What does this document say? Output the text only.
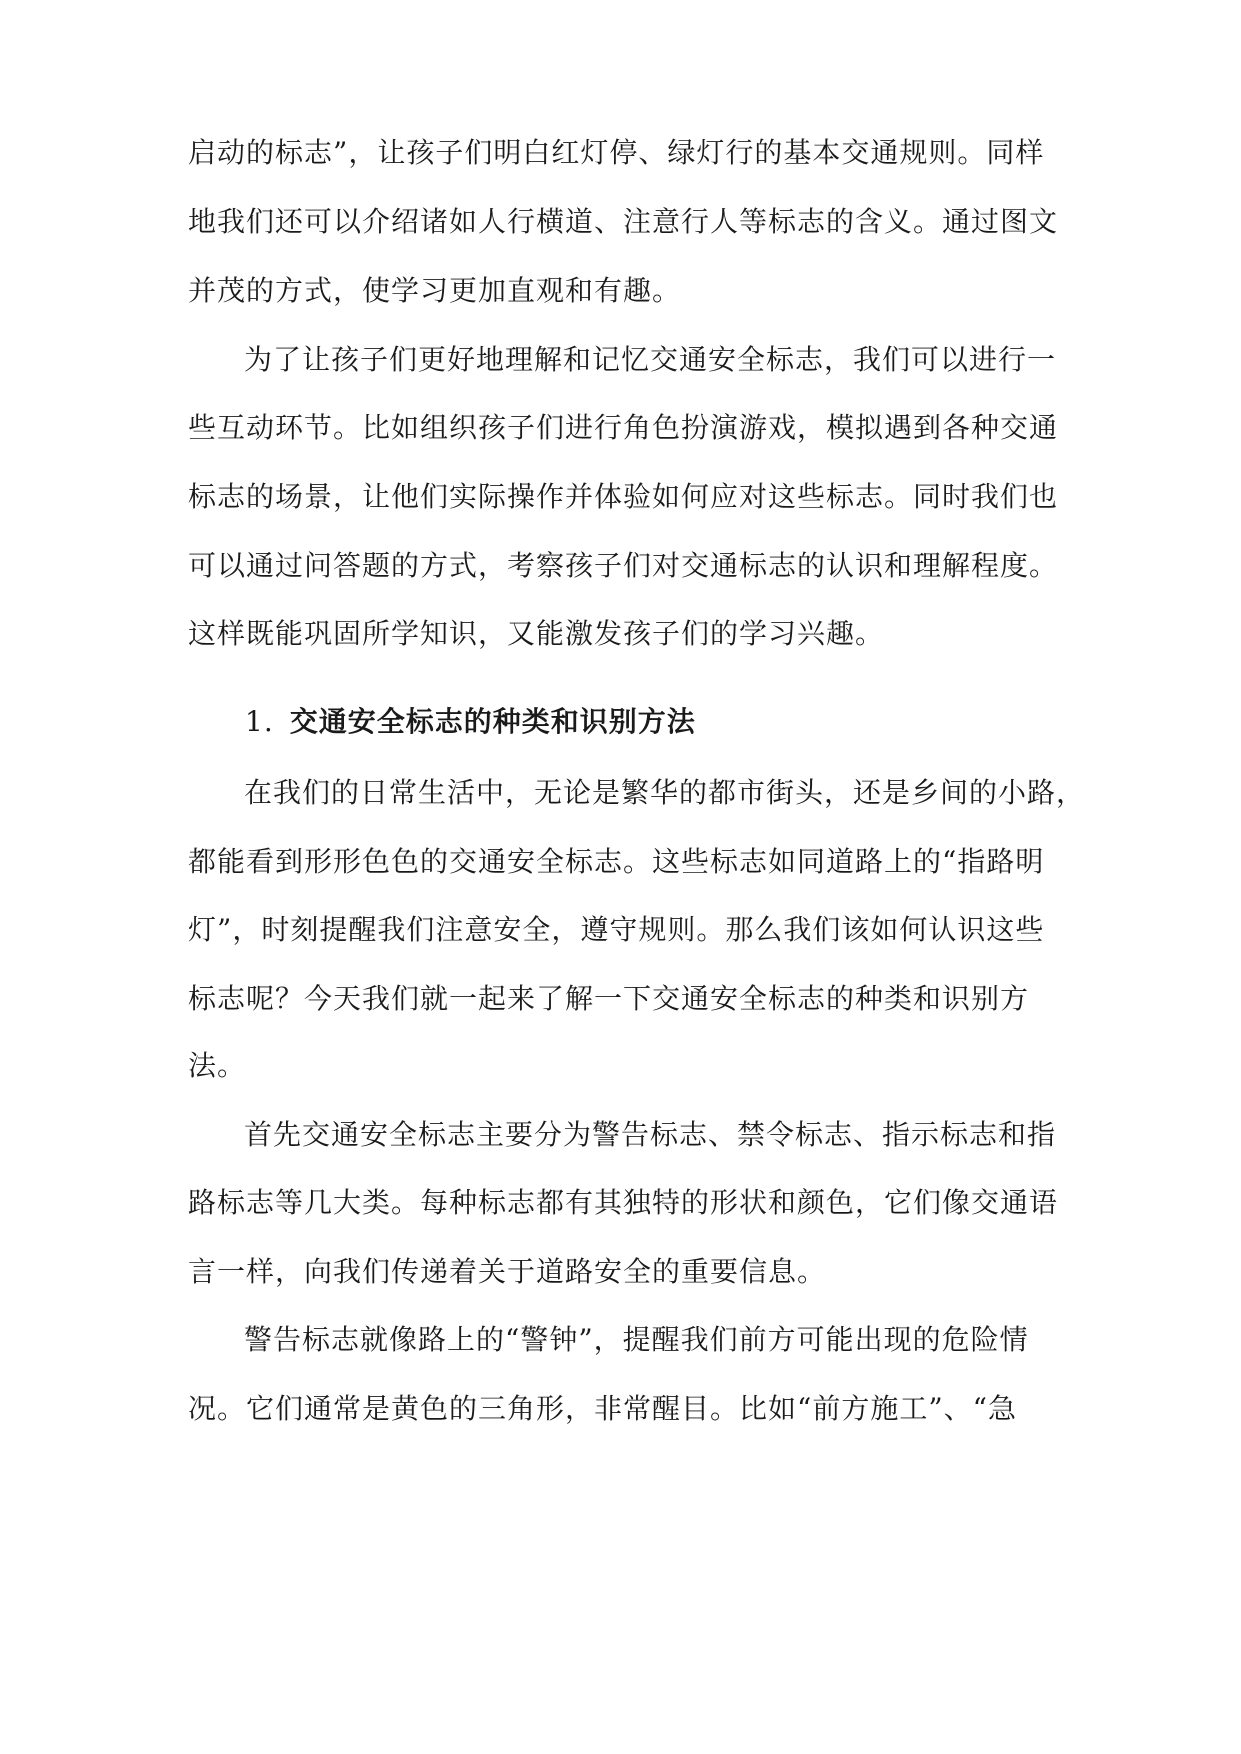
启动的标志”，让孩子们明白红灯停、绿灯行的基本交通规则。同样
地我们还可以介绍诸如人行横道、注意行人等标志的含义。通过图文
并茂的方式，使学习更加直观和有趣。
为了让孩子们更好地理解和记忆交通安全标志，我们可以进行一
些互动环节。比如组织孩子们进行角色扮演游戏，模拟遇到各种交通
标志的场景，让他们实际操作并体验如何应对这些标志。同时我们也
可以通过问答题的方式，考察孩子们对交通标志的认识和理解程度。
这样既能巩固所学知识，又能激发孩子们的学习兴趣。
1. 交通安全标志的种类和识别方法
在我们的日常生活中，无论是繁华的都市街头，还是乡间的小路，
都能看到形形色色的交通安全标志。这些标志如同道路上的“指路明
灯”，时刻提醒我们注意安全，遵守规则。那么我们该如何认识这些
标志呢？今天我们就一起来了解一下交通安全标志的种类和识别方
法。
首先交通安全标志主要分为警告标志、禁令标志、指示标志和指
路标志等几大类。每种标志都有其独特的形状和颜色，它们像交通语
言一样，向我们传递着关于道路安全的重要信息。
警告标志就像路上的“警钟”，提醒我们前方可能出现的危险情
况。它们通常是黄色的三角形，非常醒目。比如“前方施工”、“急
